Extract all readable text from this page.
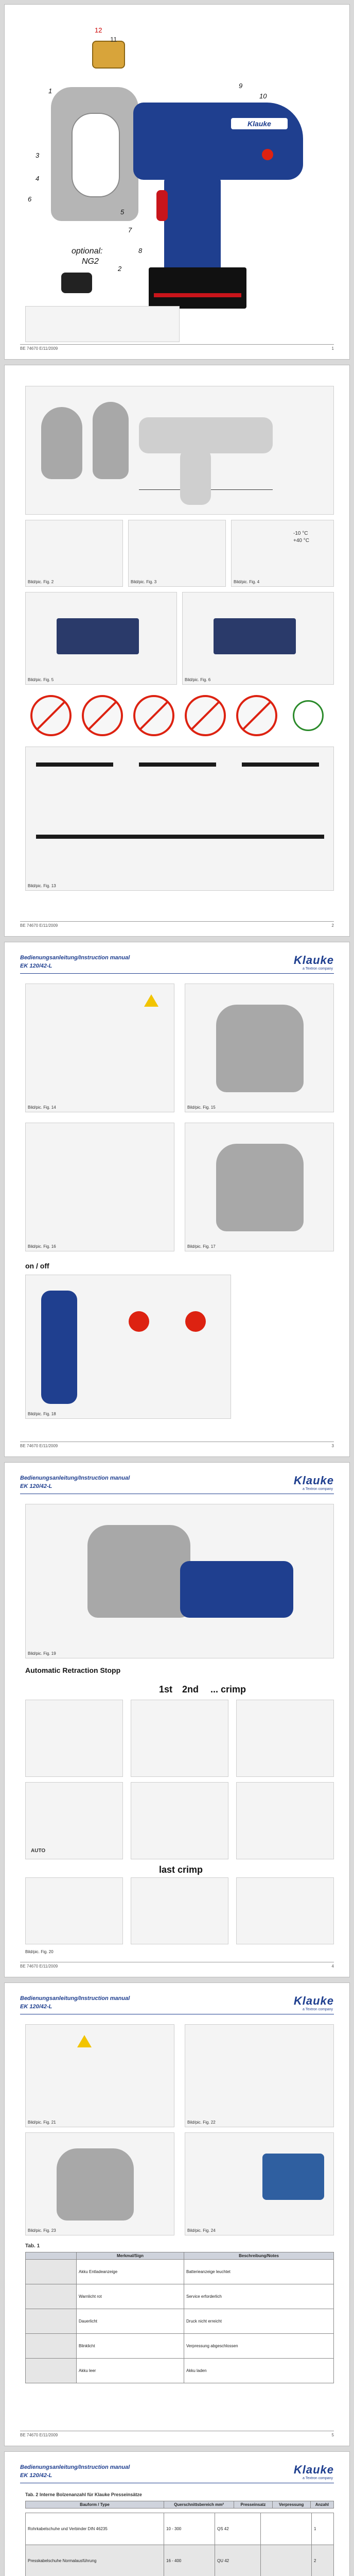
Klauke
12
11
9
10
1
3
4
5
6
7
8
2
optional:
NG2
BE 74670 E/11/2009	1
Bild/pic. Fig. 2	Bild/pic. Fig. 3
-10 °C
+40 °C
Bild/pic. Fig. 4
Bild/pic. Fig. 5	Bild/pic. Fig. 6
Bild/pic. Fig. 13
BE 74670 E/11/2009	2
Bedienungsanleitung/Instruction manual
EK 120/42-L	Klauke
a Textron company
Bild/pic. Fig. 14	Bild/pic. Fig. 15
Bild/pic. Fig. 16	Bild/pic. Fig. 17
on / off
Bild/pic. Fig. 18
BE 74670 E/11/2009	3
Bedienungsanleitung/Instruction manual
EK 120/42-L	Klauke
a Textron company
Bild/pic. Fig. 19
Automatic Retraction Stopp
1st 2nd ... crimp
AUTO
last crimp
Bild/pic. Fig. 20
BE 74670 E/11/2009	4
Bedienungsanleitung/Instruction manual
EK 120/42-L	Klauke
a Textron company
Bild/pic. Fig. 21	Bild/pic. Fig. 22
Bild/pic. Fig. 23	Bild/pic. Fig. 24
Tab. 1
	Merkmal/Sign	Beschreibung/Notes
	Akku Entladeanzeige	Batterieanzeige leuchtet
	Warnlicht rot	Service erforderlich
	Dauerlicht	Druck nicht erreicht
	Blinklicht	Verpressung abgeschlossen
	Akku leer	Akku laden
BE 74670 E/11/2009	5
Bedienungsanleitung/Instruction manual
EK 120/42-L	Klauke
a Textron company
Tab. 2 Interne Bolzenanzahl für Klauke Presseinsätze
Bauform / Type	Querschnittsbereich mm²	Presseinsatz	Verpressung	Anzahl
Rohrkabelschuhe und Verbinder DIN 46235	10 - 300	QS 42		1
Presskabelschuhe Normalausführung	16 - 400	QU 42		2
